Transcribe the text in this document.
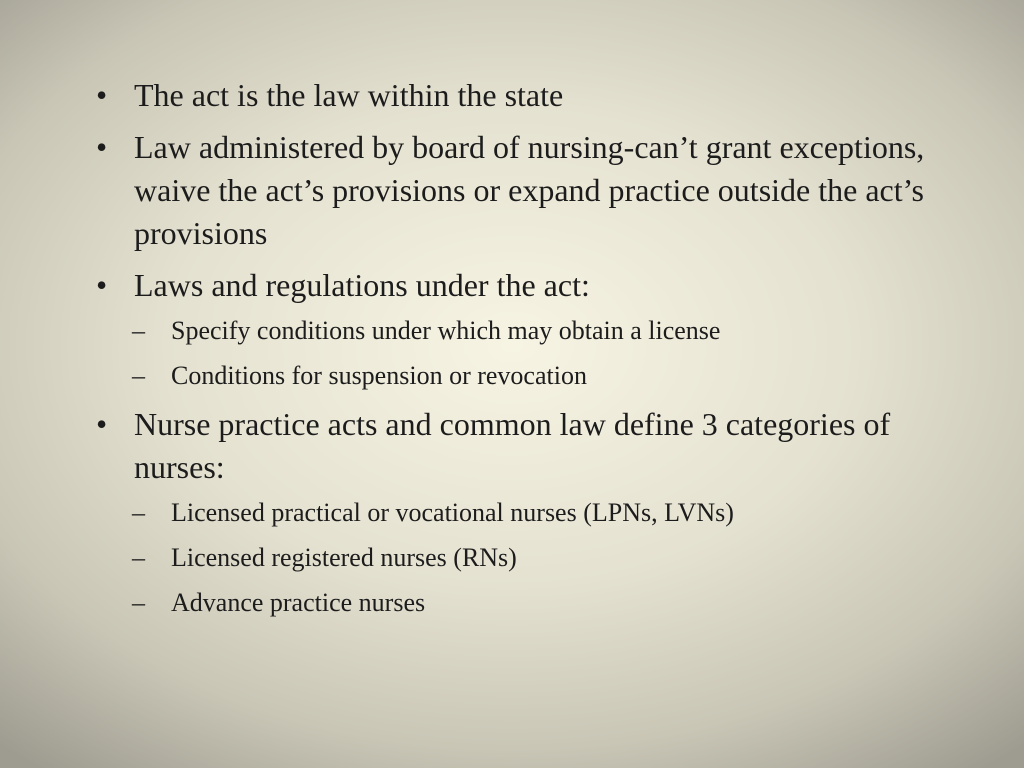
• The act is the law within the state
• Law administered by board of nursing-can’t grant exceptions, waive the act’s provisions or expand practice outside the act’s provisions
• Laws and regulations under the act:
–	Specify conditions under which may obtain a license
–	Conditions for suspension or revocation
• Nurse practice acts and common law define 3 categories of nurses:
–	Licensed practical or vocational nurses (LPNs, LVNs)
–	Licensed registered nurses (RNs)
–	Advance practice nurses
